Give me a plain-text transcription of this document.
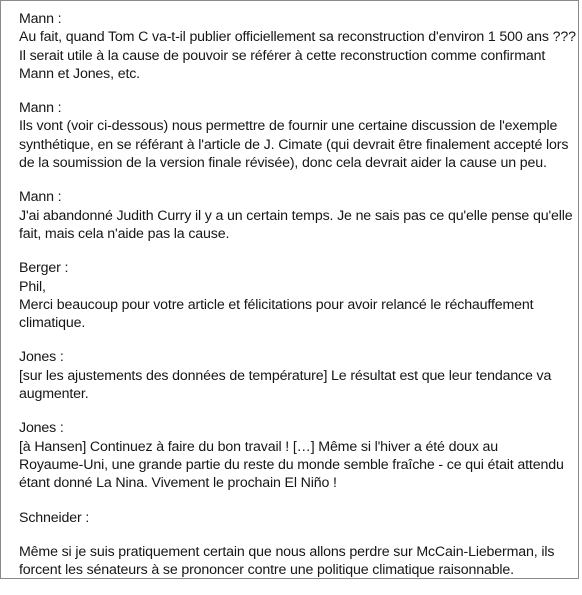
Mann :
Au fait, quand Tom C va-t-il publier officiellement sa reconstruction d'environ 1 500 ans ???
Il serait utile à la cause de pouvoir se référer à cette reconstruction comme confirmant
Mann et Jones, etc.
Mann :
Ils vont (voir ci-dessous) nous permettre de fournir une certaine discussion de l'exemple
synthétique, en se référant à l'article de J. Cimate (qui devrait être finalement accepté lors
de la soumission de la version finale révisée), donc cela devrait aider la cause un peu.
Mann :
J'ai abandonné Judith Curry il y a un certain temps. Je ne sais pas ce qu'elle pense qu'elle
fait, mais cela n'aide pas la cause.
Berger :
Phil,
Merci beaucoup pour votre article et félicitations pour avoir relancé le réchauffement
climatique.
Jones :
[sur les ajustements des données de température] Le résultat est que leur tendance va
augmenter.
Jones :
[à Hansen] Continuez à faire du bon travail ! […] Même si l'hiver a été doux au
Royaume-Uni, une grande partie du reste du monde semble fraîche - ce qui était attendu
étant donné La Nina. Vivement le prochain El Niño !
Schneider :
Même si je suis pratiquement certain que nous allons perdre sur McCain-Lieberman, ils
forcent les sénateurs à se prononcer contre une politique climatique raisonnable.
